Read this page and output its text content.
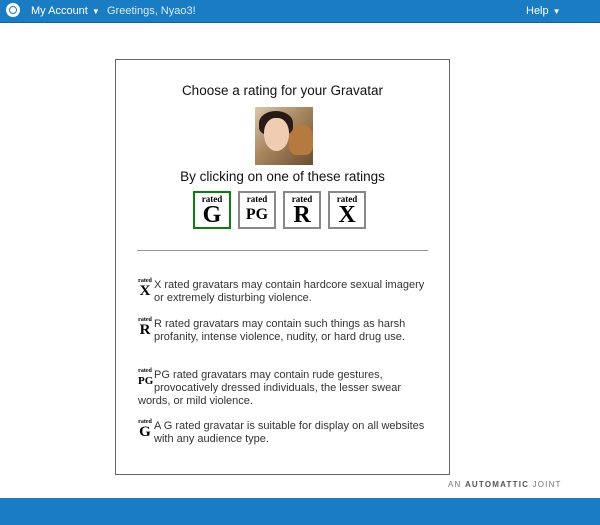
My Account ▼ Greetings, Nyao3!	Help ▼
Choose a rating for your Gravatar
By clicking on one of these ratings
rated
G
rated
PG
rated
R
rated
X
rated
X X rated gravatars may contain hardcore sexual imagery or extremely disturbing violence.
rated
R R rated gravatars may contain such things as harsh profanity, intense violence, nudity, or hard drug use.
rated
PG PG rated gravatars may contain rude gestures, provocatively dressed individuals, the lesser swear words, or mild violence.
rated
G A G rated gravatar is suitable for display on all websites with any audience type.
AN AUTOMATTIC JOINT
